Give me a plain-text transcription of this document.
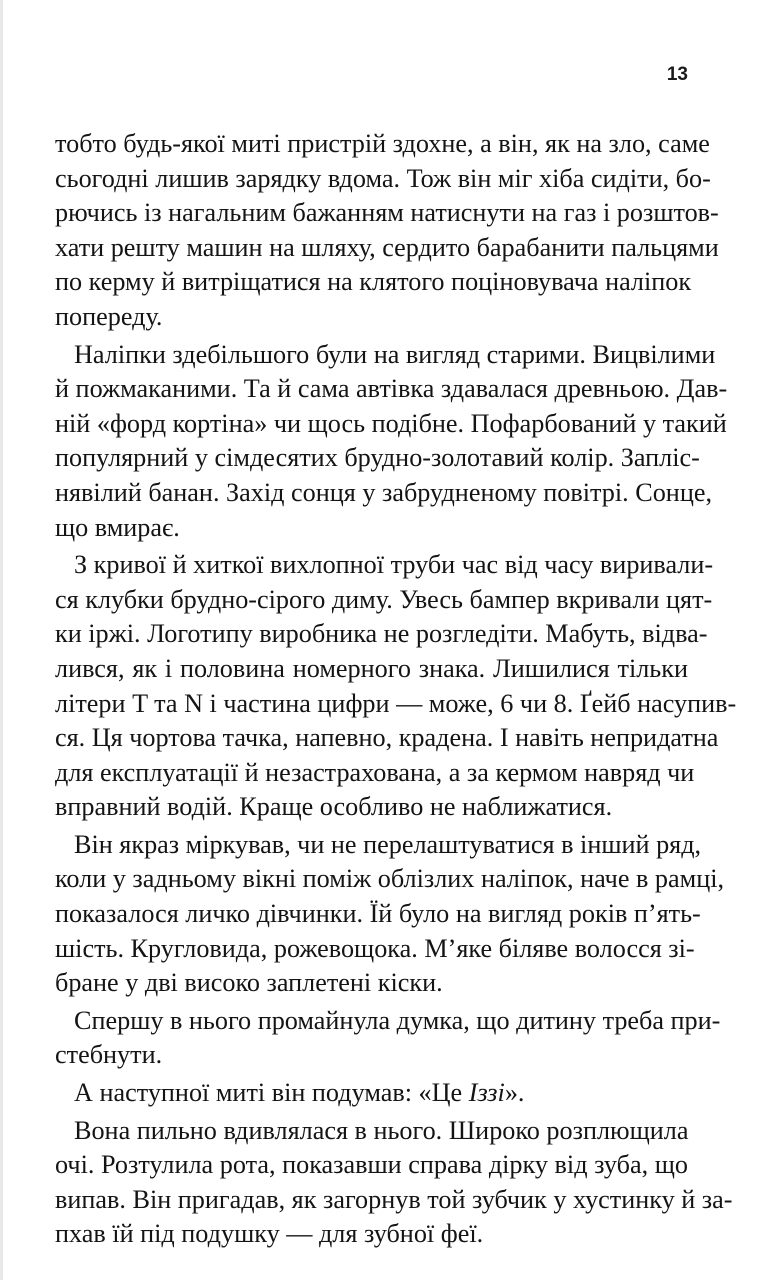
13
тобто будь-якої миті пристрій здохне, а він, як на зло, саме
сьогодні лишив зарядку вдома. Тож він міг хіба сидіти, бо-
рючись із нагальним бажанням натиснути на газ і розштов-
хати решту машин на шляху, сердито барабанити пальцями
по керму й витріщатися на клятого поціновувача наліпок
попереду.
Наліпки здебільшого були на вигляд старими. Вицвілими
й пожмаканими. Та й сама автівка здавалася древньою. Дав-
ній «форд кортіна» чи щось подібне. Пофарбований у такий
популярний у сімдесятих брудно-золотавий колір. Запліс-
нявілий банан. Захід сонця у забрудненому повітрі. Сонце,
що вмирає.
З кривої й хиткої вихлопної труби час від часу виривали-
ся клубки брудно-сірого диму. Увесь бампер вкривали цят-
ки іржі. Логотипу виробника не розгледіти. Мабуть, відва-
лився, як і половина номерного знака. Лишилися тільки
літери T та N і частина цифри — може, 6 чи 8. Ґейб насупив-
ся. Ця чортова тачка, напевно, крадена. І навіть непридатна
для експлуатації й незастрахована, а за кермом навряд чи
вправний водій. Краще особливо не наближатися.
Він якраз міркував, чи не перелаштуватися в інший ряд,
коли у задньому вікні поміж облізлих наліпок, наче в рамці,
показалося личко дівчинки. Їй було на вигляд років п’ять-
шість. Кругловида, рожевощока. М’яке біляве волосся зі-
бране у дві високо заплетені кіски.
Спершу в нього промайнула думка, що дитину треба при-
стебнути.
А наступної миті він подумав: «Це Іззі».
Вона пильно вдивлялася в нього. Широко розплющила
очі. Розтулила рота, показавши справа дірку від зуба, що
випав. Він пригадав, як загорнув той зубчик у хустинку й за-
пхав їй під подушку — для зубної феї.
